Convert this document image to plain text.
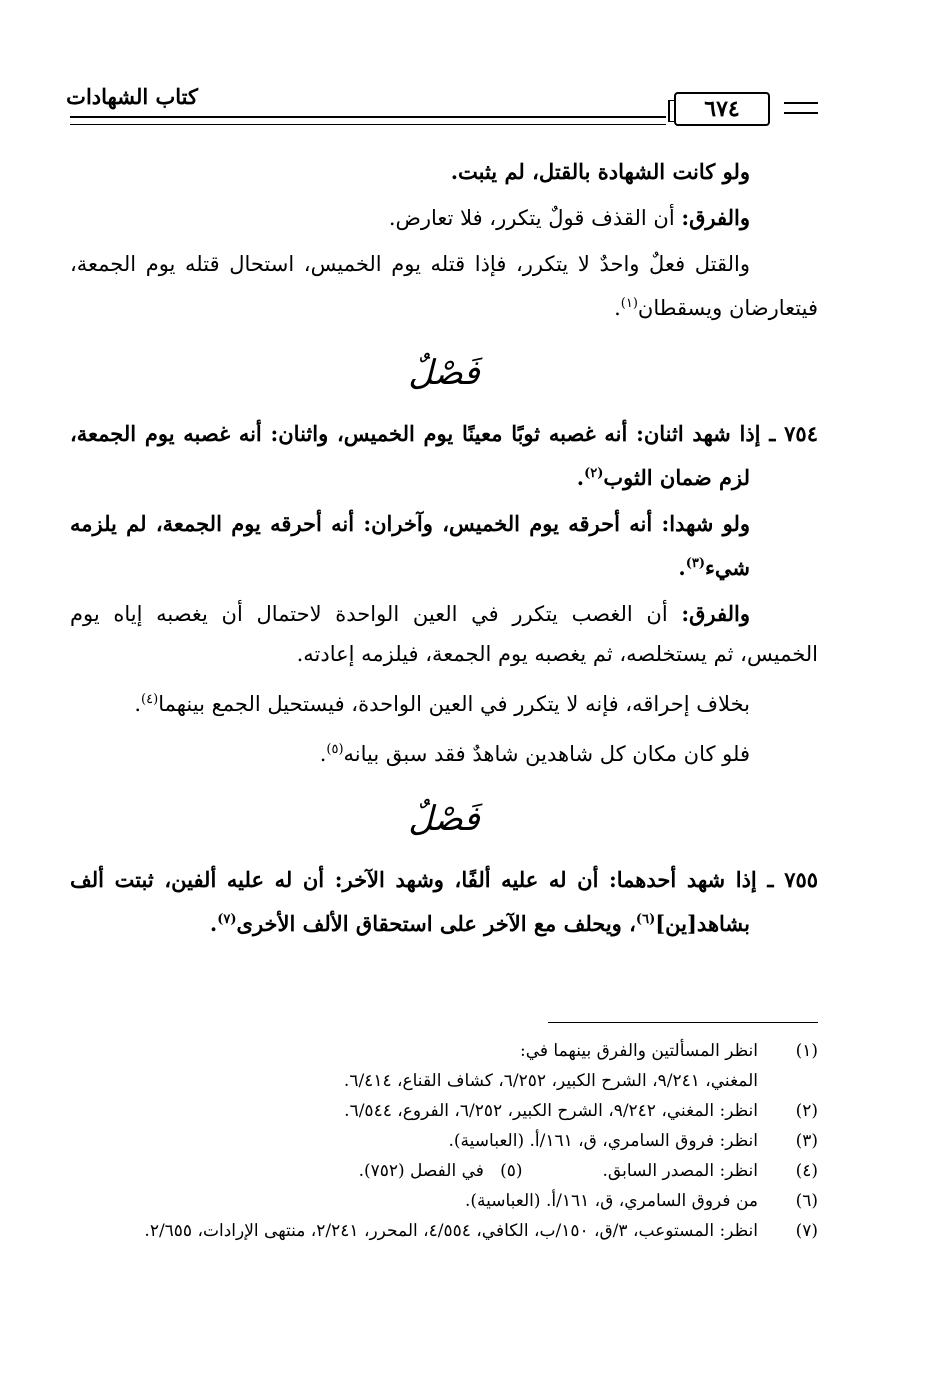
كتاب الشهادات	٦٧٤

ولو كانت الشهادة بالقتل، لم يثبت.

والفرق: أن القذف قولٌ يتكرر، فلا تعارض.

والقتل فعلٌ واحدٌ لا يتكرر، فإذا قتله يوم الخميس، استحال قتله يوم الجمعة، فيتعارضان ويسقطان$^{(١)}$.

فَصْلٌ

٧٥٤ ـ إذا شهد اثنان: أنه غصبه ثوبًا معينًا يوم الخميس، واثنان: أنه غصبه يوم الجمعة، لزم ضمان الثوب$^{(٢)}$.

ولو شهدا: أنه أحرقه يوم الخميس، وآخران: أنه أحرقه يوم الجمعة، لم يلزمه شيء$^{(٣)}$.

والفرق: أن الغصب يتكرر في العين الواحدة لاحتمال أن يغصبه إياه يوم الخميس، ثم يستخلصه، ثم يغصبه يوم الجمعة، فيلزمه إعادته.

بخلاف إحراقه، فإنه لا يتكرر في العين الواحدة، فيستحيل الجمع بينهما$^{(٤)}$.

فلو كان مكان كل شاهدين شاهدٌ فقد سبق بيانه$^{(٥)}$.

فَصْلٌ

٧٥٥ ـ إذا شهد أحدهما: أن له عليه ألفًا، وشهد الآخر: أن له عليه ألفين، ثبتت ألف بشاهد[ين]$^{(٦)}$، ويحلف مع الآخر على استحقاق الألف الأخرى$^{(٧)}$.

(١)
انظر المسألتين والفرق بينهما في:
المغني، ٩/٢٤١، الشرح الكبير، ٦/٢٥٢، كشاف القناع، ٦/٤١٤.
(٢)
انظر: المغني، ٩/٢٤٢، الشرح الكبير، ٦/٢٥٢، الفروع، ٦/٥٤٤.
(٣)
انظر: فروق السامري، ق، ١٦١/أ. (العباسية).
(٤)
انظر: المصدر السابق.
(٥)   في الفصل (٧٥٢).
(٦)
من فروق السامري، ق، ١٦١/أ. (العباسية).
(٧)
انظر: المستوعب، ٣/ق، ١٥٠/ب، الكافي، ٤/٥٥٤، المحرر، ٢/٢٤١، منتهى الإرادات، ٢/٦٥٥.
